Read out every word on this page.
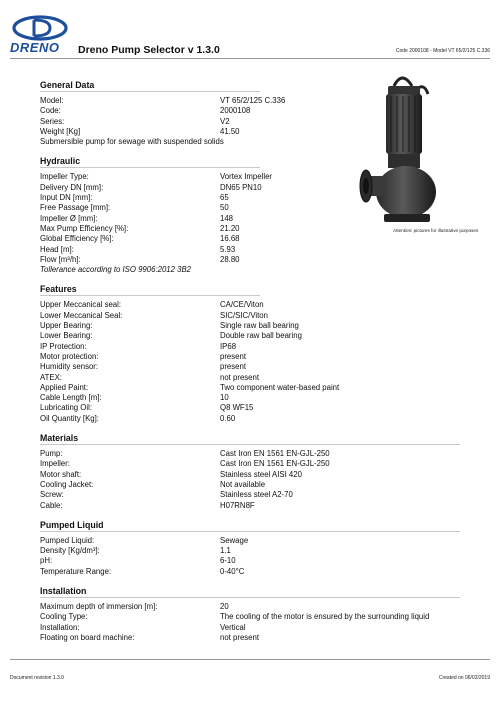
DRENO Dreno Pump Selector v 1.3.0	Code 2000108 - Model VT 65/2/125 C.336
Attention: pictures for illustrative purposes
General Data
Model:	VT 65/2/125 C.336
Code:	2000108
Series:	V2
Weight [Kg]	41.50
Submersible pump for sewage with suspended solids
Hydraulic
Impeller Type:	Vortex Impeller
Delivery DN [mm]:	DN65 PN10
Input DN [mm]:	65
Free Passage [mm]:	50
Impeller Ø [mm]:	148
Max Pump Efficiency [%]:	21.20
Global Efficiency [%]:	16.68
Head [m]:	5.93
Flow [m³/h]:	28.80
Tollerance according to ISO 9906:2012 3B2
Features
Upper Meccanical seal:	CA/CE/Viton
Lower Meccanical Seal:	SIC/SIC/Viton
Upper Bearing:	Single raw ball bearing
Lower Bearing:	Double raw ball bearing
IP Protection:	IP68
Motor protection:	present
Humidity sensor:	present
ATEX:	not present
Applied Paint:	Two component water-based paint
Cable Length [m]:	10
Lubricating Oil:	Q8 WF15
Oil Quantity [Kg]:	0.60
Materials
Pump:	Cast Iron EN 1561 EN-GJL-250
Impeller:	Cast Iron EN 1561 EN-GJL-250
Motor shaft:	Stainless steel AISI 420
Cooling Jacket:	Not available
Screw:	Stainless steel A2-70
Cable:	H07RN8F
Pumped Liquid
Pumped Liquid:	Sewage
Density [Kg/dm³]:	1.1
pH:	6-10
Temperature Range:	0-40°C
Installation
Maximum depth of immersion [m]:	20
Cooling Type:	The cooling of the motor is ensured by the surrounding liquid
Installation:	Vertical
Floating on board machine:	not present
Document revision 1.3.0	Created on 06/02/2019
